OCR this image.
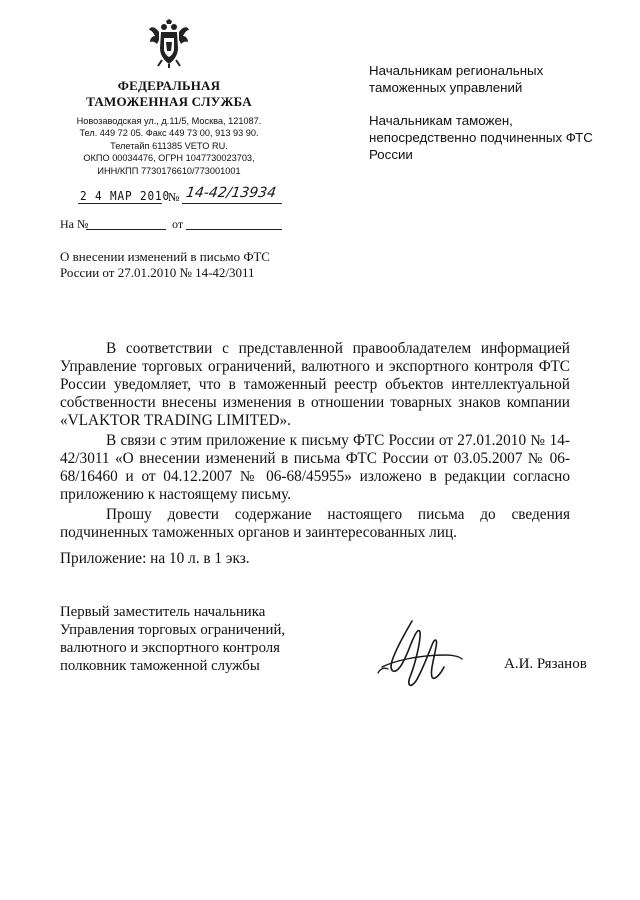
ФЕДЕРАЛЬНАЯ
ТАМОЖЕННАЯ СЛУЖБА
Новозаводская ул., д.11/5, Москва, 121087.
Тел. 449 72 05. Факс 449 73 00, 913 93 90.
Телетайп 611385 VETO RU.
ОКПО 00034476, ОГРН 1047730023703,
ИНН/КПП 7730176610/773001001
2 4 МАР 2010
№ 14-42/13934
На №	от
О внесении изменений в письмо ФТС
России от 27.01.2010 № 14-42/3011

Начальникам региональных таможенных управлений

Начальникам таможен, непосредственно подчиненных ФТС России

В соответствии с представленной правообладателем информацией Управление торговых ограничений, валютного и экспортного контроля ФТС России уведомляет, что в таможенный реестр объектов интеллектуальной собственности внесены изменения в отношении товарных знаков компании «VLAKTOR TRADING LIMITED».

В связи с этим приложение к письму ФТС России от 27.01.2010 № 14-42/3011 «О внесении изменений в письма ФТС России от 03.05.2007 № 06-68/16460 и от 04.12.2007 № 06-68/45955» изложено в редакции согласно приложению к настоящему письму.

Прошу довести содержание настоящего письма до сведения подчиненных таможенных органов и заинтересованных лиц.

Приложение: на 10 л. в 1 экз.
Первый заместитель начальника
Управления торговых ограничений,
валютного и экспортного контроля
полковник таможенной службы	А.И. Рязанов
